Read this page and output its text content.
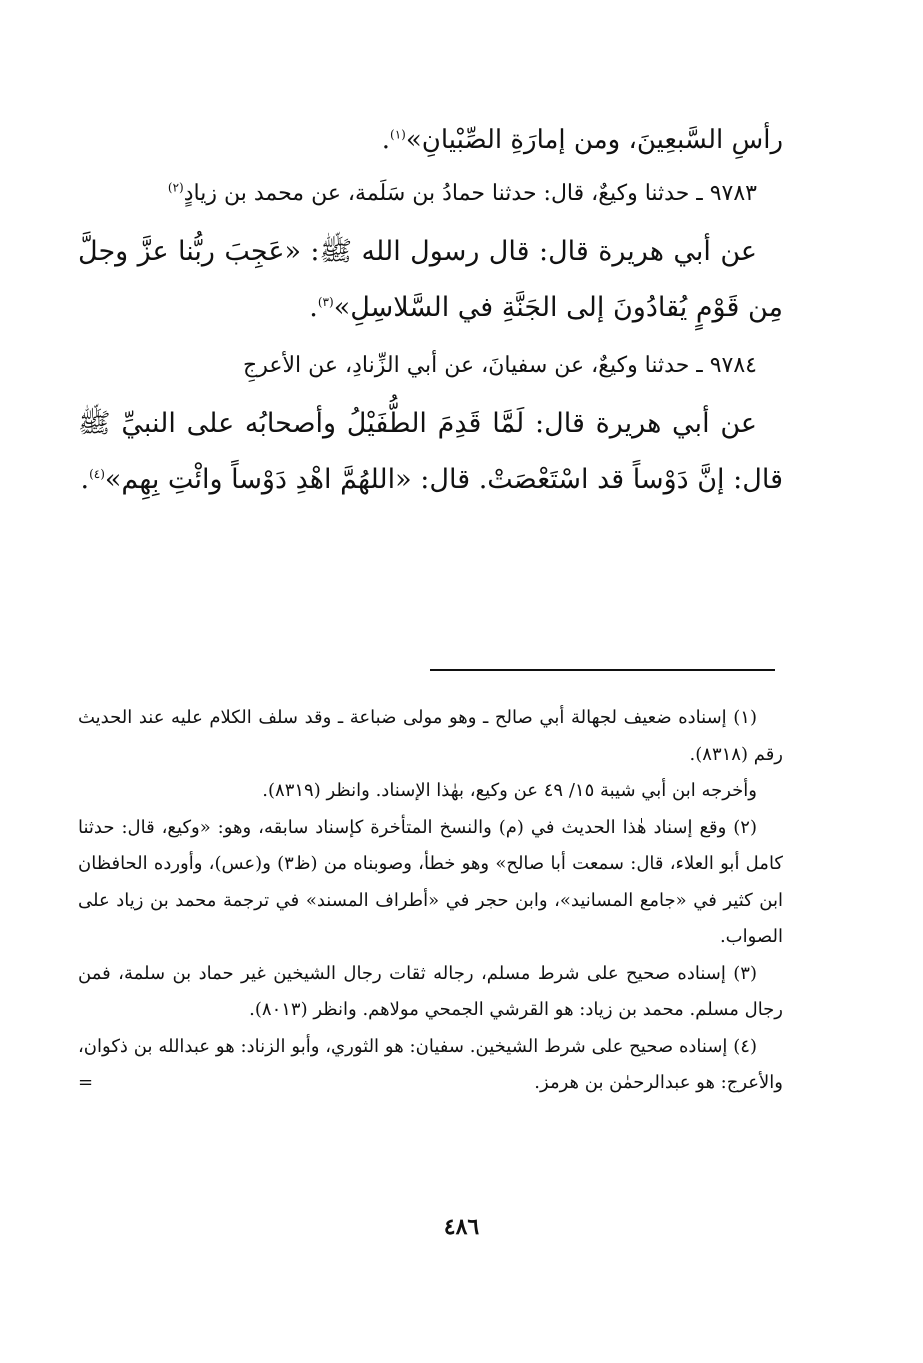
رأسِ السَّبعِينَ، ومن إمارَةِ الصِّبْيانِ»$^{(١)}$.

٩٧٨٣ ـ حدثنا وكيعٌ، قال: حدثنا حمادُ بن سَلَمة، عن محمد بن زيادٍ$^{(٢)}$

عن أبي هريرة قال: قال رسول الله ﷺ: «عَجِبَ ربُّنا عزَّ وجلَّ مِن قَوْمٍ يُقادُونَ إلى الجَنَّةِ في السَّلاسِلِ»$^{(٣)}$.

٩٧٨٤ ـ حدثنا وكيعٌ، عن سفيانَ، عن أبي الزِّنادِ، عن الأعرجِ

عن أبي هريرة قال: لَمَّا قَدِمَ الطُّفَيْلُ وأصحابُه على النبيِّ ﷺ قال: إنَّ دَوْساً قد اسْتَعْصَتْ. قال: «اللهُمَّ اهْدِ دَوْساً وائْتِ بِهِم»$^{(٤)}$.

(١) إسناده ضعيف لجهالة أبي صالح ـ وهو مولى ضباعة ـ وقد سلف الكلام عليه عند الحديث رقم (٨٣١٨).

وأخرجه ابن أبي شيبة ١٥/ ٤٩ عن وكيع، بهٰذا الإسناد. وانظر (٨٣١٩).

(٢) وقع إسناد هٰذا الحديث في (م) والنسخ المتأخرة كإسناد سابقه، وهو: «وكيع، قال: حدثنا كامل أبو العلاء، قال: سمعت أبا صالح» وهو خطأ، وصوبناه من (ظ٣) و(عس)، وأورده الحافظان ابن كثير في «جامع المسانيد»، وابن حجر في «أطراف المسند» في ترجمة محمد بن زياد على الصواب.

(٣) إسناده صحيح على شرط مسلم، رجاله ثقات رجال الشيخين غير حماد بن سلمة، فمن رجال مسلم. محمد بن زياد: هو القرشي الجمحي مولاهم. وانظر (٨٠١٣).

(٤) إسناده صحيح على شرط الشيخين. سفيان: هو الثوري، وأبو الزناد: هو عبدالله بن ذكوان، والأعرج: هو عبدالرحمٰن بن هرمز.
=

٤٨٦
